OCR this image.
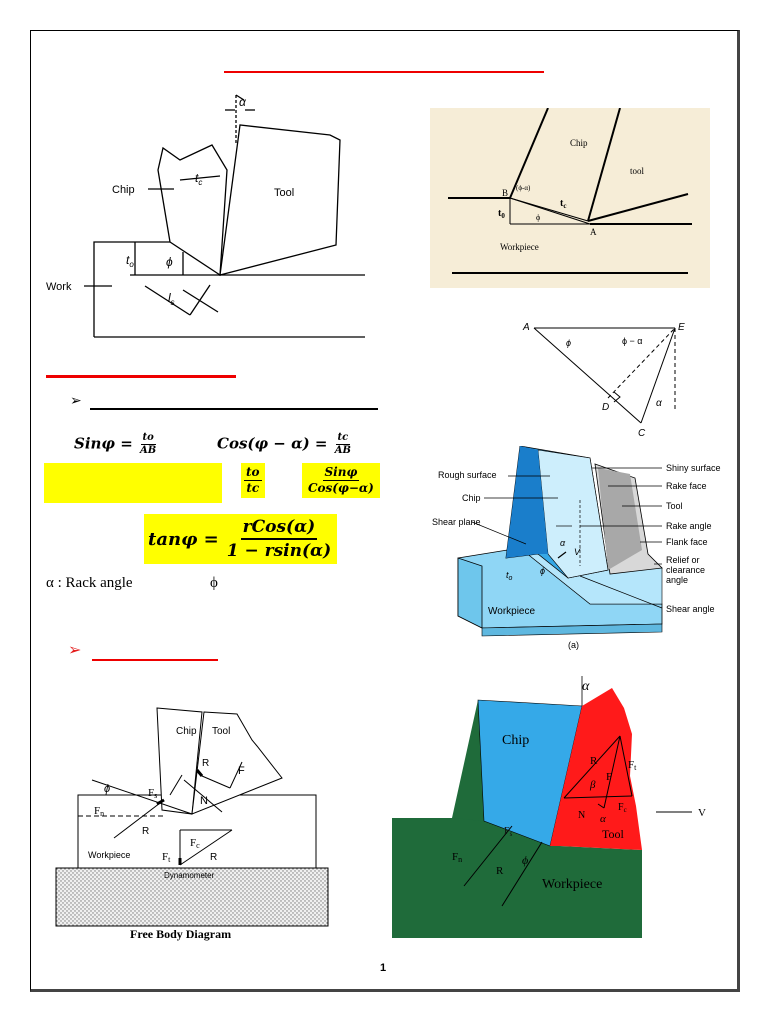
α
Chip	Tool
Work
$t_c$
$t_o$	ϕ
$l_s$
Chip
tool
Workpiece
B
A
(ϕ-α)
$t_c$
$t_0$	ϕ
A	E
D
C
ϕ	ϕ − α
α
➢
$Sin\varphi = \frac{to}{AB}$	$Cos(\varphi - \alpha) = \frac{tc}{AB}$
$\frac{to}{tc}$	$\frac{\text{Sinφ}}{\text{Cos(φ−α)}}$
$\tan\varphi = \frac{\text{rCos(α)}}{1 - rsin(\alpha)}$
α : Rack angle	ϕ
Rough surface
Chip
Shear plane
Shiny surface
Rake face
Tool
Rake angle
Flank face
Relief or
clearance
angle
Shear angle
Workpiece
$t_o$
V
α
ϕ
(a)
➢
Chip Tool
ϕ	Fs
Fn
R
R
F
N
Fc
Ft	R
Workpiece
Dynamometer
Free Body Diagram
α
Chip
R
F
Ft
β
$F_c$
N α
Tool
V
$F_s$
Fn
R
ϕ
Workpiece
1
